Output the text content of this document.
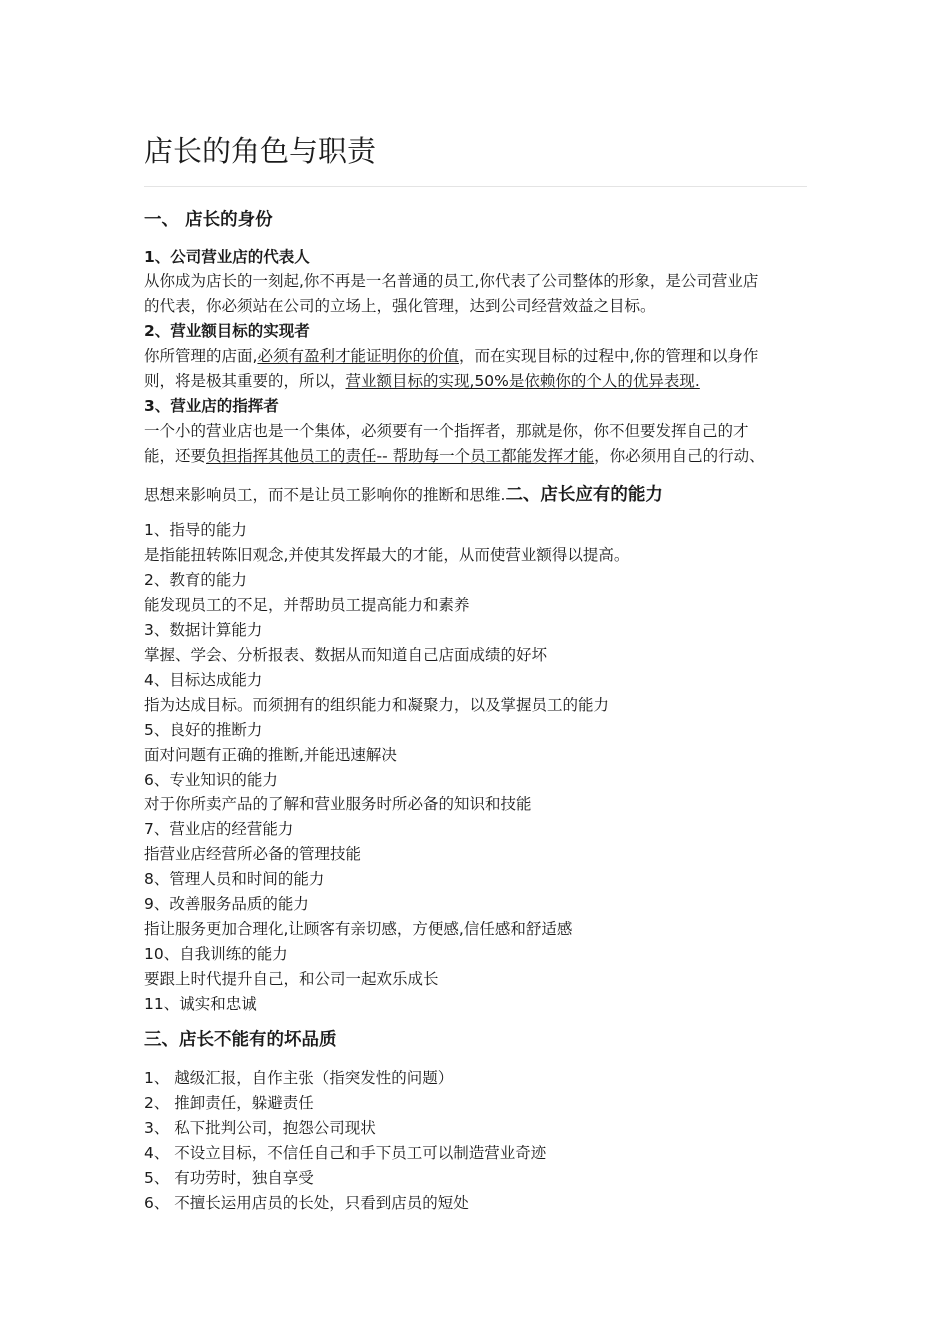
店长的角色与职责
一、 店长的身份
1、公司营业店的代表人
从你成为店长的一刻起,你不再是一名普通的员工,你代表了公司整体的形象，是公司营业店
的代表，你必须站在公司的立场上，强化管理，达到公司经营效益之目标。
2、营业额目标的实现者
你所管理的店面,必须有盈利才能证明你的价值，而在实现目标的过程中,你的管理和以身作
则，将是极其重要的，所以，营业额目标的实现,50%是依赖你的个人的优异表现.
3、营业店的指挥者
一个小的营业店也是一个集体，必须要有一个指挥者，那就是你，你不但要发挥自己的才
能，还要负担指挥其他员工的责任-- 帮助每一个员工都能发挥才能，你必须用自己的行动、
思想来影响员工，而不是让员工影响你的推断和思维.二、店长应有的能力
1、指导的能力
是指能扭转陈旧观念,并使其发挥最大的才能，从而使营业额得以提高。
2、教育的能力
能发现员工的不足，并帮助员工提高能力和素养
3、数据计算能力
掌握、学会、分析报表、数据从而知道自己店面成绩的好坏
4、目标达成能力
指为达成目标。而须拥有的组织能力和凝聚力，以及掌握员工的能力
5、良好的推断力
面对问题有正确的推断,并能迅速解决
6、专业知识的能力
对于你所卖产品的了解和营业服务时所必备的知识和技能
7、营业店的经营能力
指营业店经营所必备的管理技能
8、管理人员和时间的能力
9、改善服务品质的能力
指让服务更加合理化,让顾客有亲切感，方便感,信任感和舒适感
10、自我训练的能力
要跟上时代提升自己，和公司一起欢乐成长
11、诚实和忠诚
三、店长不能有的坏品质
1、 越级汇报，自作主张（指突发性的问题）
2、 推卸责任，躲避责任
3、 私下批判公司，抱怨公司现状
4、 不设立目标，不信任自己和手下员工可以制造营业奇迹
5、 有功劳时，独自享受
6、 不擅长运用店员的长处，只看到店员的短处
